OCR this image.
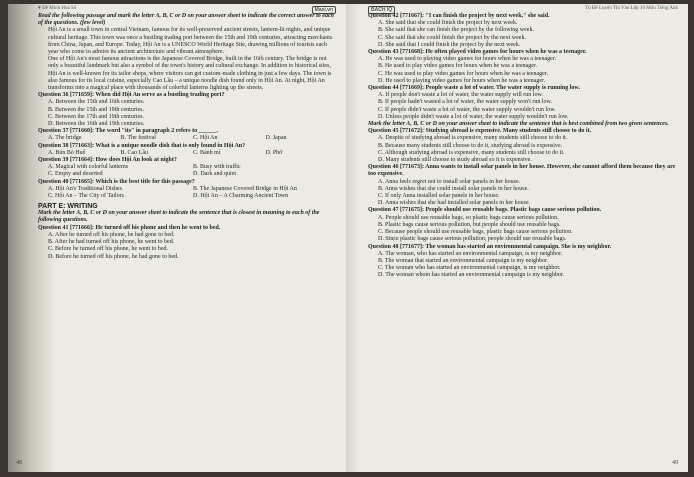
♥ Đề Minh Hoà Số	Maxi.vn

Read the following passage and mark the letter A, B, C or D on your answer sheet to indicate the correct answer to each of the questions. (few level)

Hội An is a small town in central Vietnam, famous for its well-preserved ancient streets, lantern-lit nights, and unique cultural heritage. This town was once a bustling trading port between the 15th and 19th centuries, attracting merchants from China, Japan, and Europe. Today, Hội An is a UNESCO World Heritage Site, drawing millions of tourists each year who come to admire its ancient architecture and vibrant atmosphere.

One of Hội An's most famous attractions is the Japanese Covered Bridge, built in the 16th century. The bridge is not only a beautiful landmark but also a symbol of the town's history and cultural exchange. In addition to historical sites, Hội An is well-known for its tailor shops, where visitors can get custom-made clothing in just a few days. The town is also famous for its local cuisine, especially Cao Lầu – a unique noodle dish found only in Hội An. At night, Hội An transforms into a magical place with thousands of colorful lanterns lighting up the streets.

Question 36 [771659]: When did Hội An serve as a bustling trading port?

A. Between the 15th and 16th centuries.

B. Between the 15th and 19th centuries.

C. Between the 17th and 19th centuries.

D. Between the 16th and 19th centuries.

Question 37 [771660]: The word "its" in paragraph 2 refers to ______.

A. The bridge	B. The festival	C. Hội An	D. Japan

Question 38 [771663]: What is a unique noodle dish that is only found in Hội An?

A. Bún Bò Huế	B. Cao Lầu	C. Bánh mì	D. Phở

Question 39 [771664]: How does Hội An look at night?

A. Magical with colorful lanterns	B. Busy with traffic
C. Empty and deserted	D. Dark and quiet

Question 40 [771665]: Which is the best title for this passage?

A. Hội An's Traditional Dishes	B. The Japanese Covered Bridge in Hội An
C. Hội An – The City of Tailors	D. Hội An – A Charming Ancient Town
PART E: WRITING

Mark the letter A, B, C or D on your answer sheet to indicate the sentence that is closest in meaning to each of the following questions.

Question 41 [771666]: He turned off his phone and then he went to bed.

A. After he turned off his phone, he had gone to bed.

B. After he had turned off his phone, he went to bed.

C. Before he turned off his phone, he went to bed.

D. Before he turned off his phone, he had gone to bed.

48
BÁCH IQ	Tủ Đề Luyện Thi Vào Lớp 10 Môn Tiếng Anh

Question 42 [771667]: "I can finish the project by next week," she said.

A. She said that she could finish the project by next week.

B. She said that she can finish the project by the following week.

C. She said that she could finish the project by the next week.

D. She said that I could finish the project by the next week.

Question 43 [771668]: He often played video games for hours when he was a teenager.

A. He was used to playing video games for hours when he was a teenager.

B. He used to play video games for hours when he was a teenager.

C. He was used to play video games for hours when he was a teenager.

D. He used to playing video games for hours when he was a teenager.

Question 44 [771669]: People waste a lot of water. The water supply is running low.

A. If people don't waste a lot of water, the water supply will run low.

B. If people hadn't wasted a lot of water, the water supply won't run low.

C. If people didn't waste a lot of water, the water supply wouldn't run low.

D. Unless people didn't waste a lot of water, the water supply wouldn't run low.

Mark the letter A, B, C or D on your answer sheet to indicate the sentence that is best combined from two given sentences.

Question 45 [771672]: Studying abroad is expensive. Many students still choose to do it.

A. Despite of studying abroad is expensive, many students still choose to do it.

B. Because many students still choose to do it, studying abroad is expensive.

C. Although studying abroad is expensive, many students still choose to do it.

D. Many students still choose to study abroad so it is expensive.

Question 46 [771673]: Anna wants to install solar panels in her house. However, she cannot afford them because they are too expensive.

A. Anna feels regret not to install solar panels in her house.

B. Anna wishes that she could install solar panels in her house.

C. If only Anna installed solar panels in her house.

D. Anna wishes that she had installed solar panels in her house.

Question 47 [771675]: People should use reusable bags. Plastic bags cause serious pollution.

A. People should use reusable bags, so plastic bags cause serious pollution.

B. Plastic bags cause serious pollution, but people should use reusable bags.

C. Because people should use reusable bags, plastic bags cause serious pollution.

D. Since plastic bags cause serious pollution, people should use reusable bags.

Question 48 [771677]: The woman has started an environmental campaign. She is my neighbor.

A. The woman, who has started an environmental campaign, is my neighbor.

B. The woman that started an environmental campaign is my neighbor.

C. The woman who has started an environmental campaign, is my neighbor.

D. The woman whom has started an environmental campaign is my neighbor.

49
